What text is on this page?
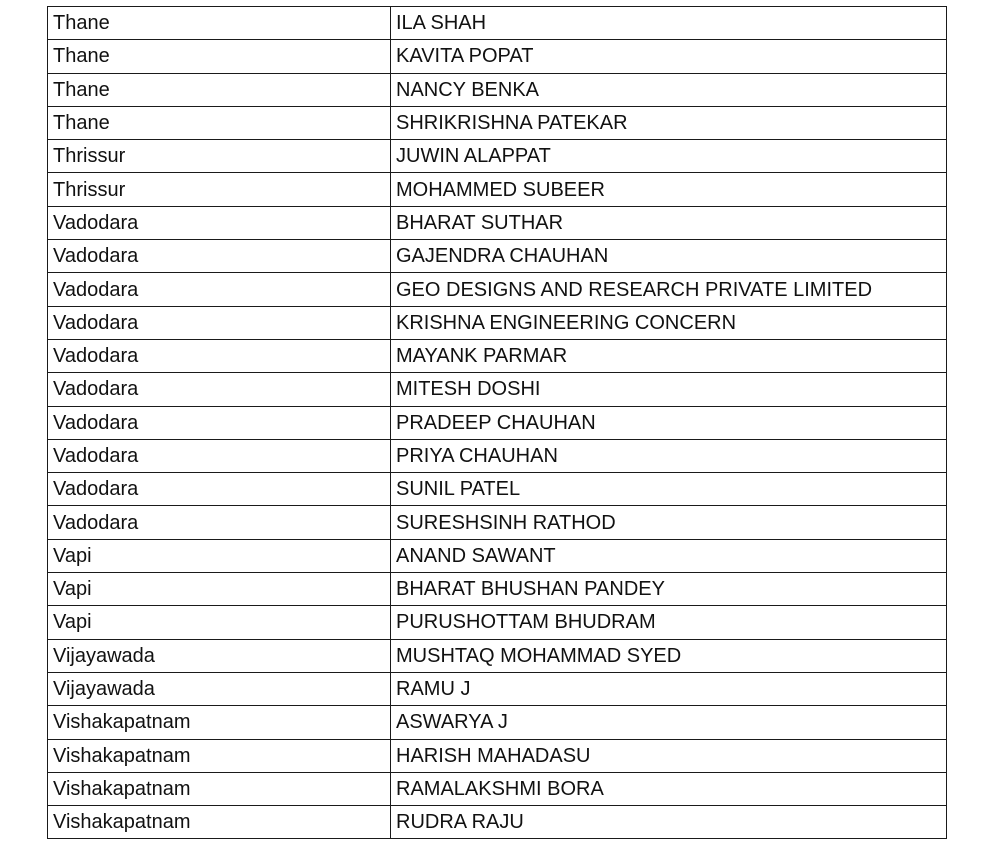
Thane	ILA SHAH
Thane	KAVITA POPAT
Thane	NANCY BENKA
Thane	SHRIKRISHNA PATEKAR
Thrissur	JUWIN ALAPPAT
Thrissur	MOHAMMED SUBEER
Vadodara	BHARAT SUTHAR
Vadodara	GAJENDRA CHAUHAN
Vadodara	GEO DESIGNS AND RESEARCH PRIVATE LIMITED
Vadodara	KRISHNA ENGINEERING CONCERN
Vadodara	MAYANK PARMAR
Vadodara	MITESH DOSHI
Vadodara	PRADEEP CHAUHAN
Vadodara	PRIYA CHAUHAN
Vadodara	SUNIL PATEL
Vadodara	SURESHSINH RATHOD
Vapi	ANAND SAWANT
Vapi	BHARAT BHUSHAN PANDEY
Vapi	PURUSHOTTAM BHUDRAM
Vijayawada	MUSHTAQ MOHAMMAD SYED
Vijayawada	RAMU J
Vishakapatnam	ASWARYA J
Vishakapatnam	HARISH MAHADASU
Vishakapatnam	RAMALAKSHMI BORA
Vishakapatnam	RUDRA RAJU
